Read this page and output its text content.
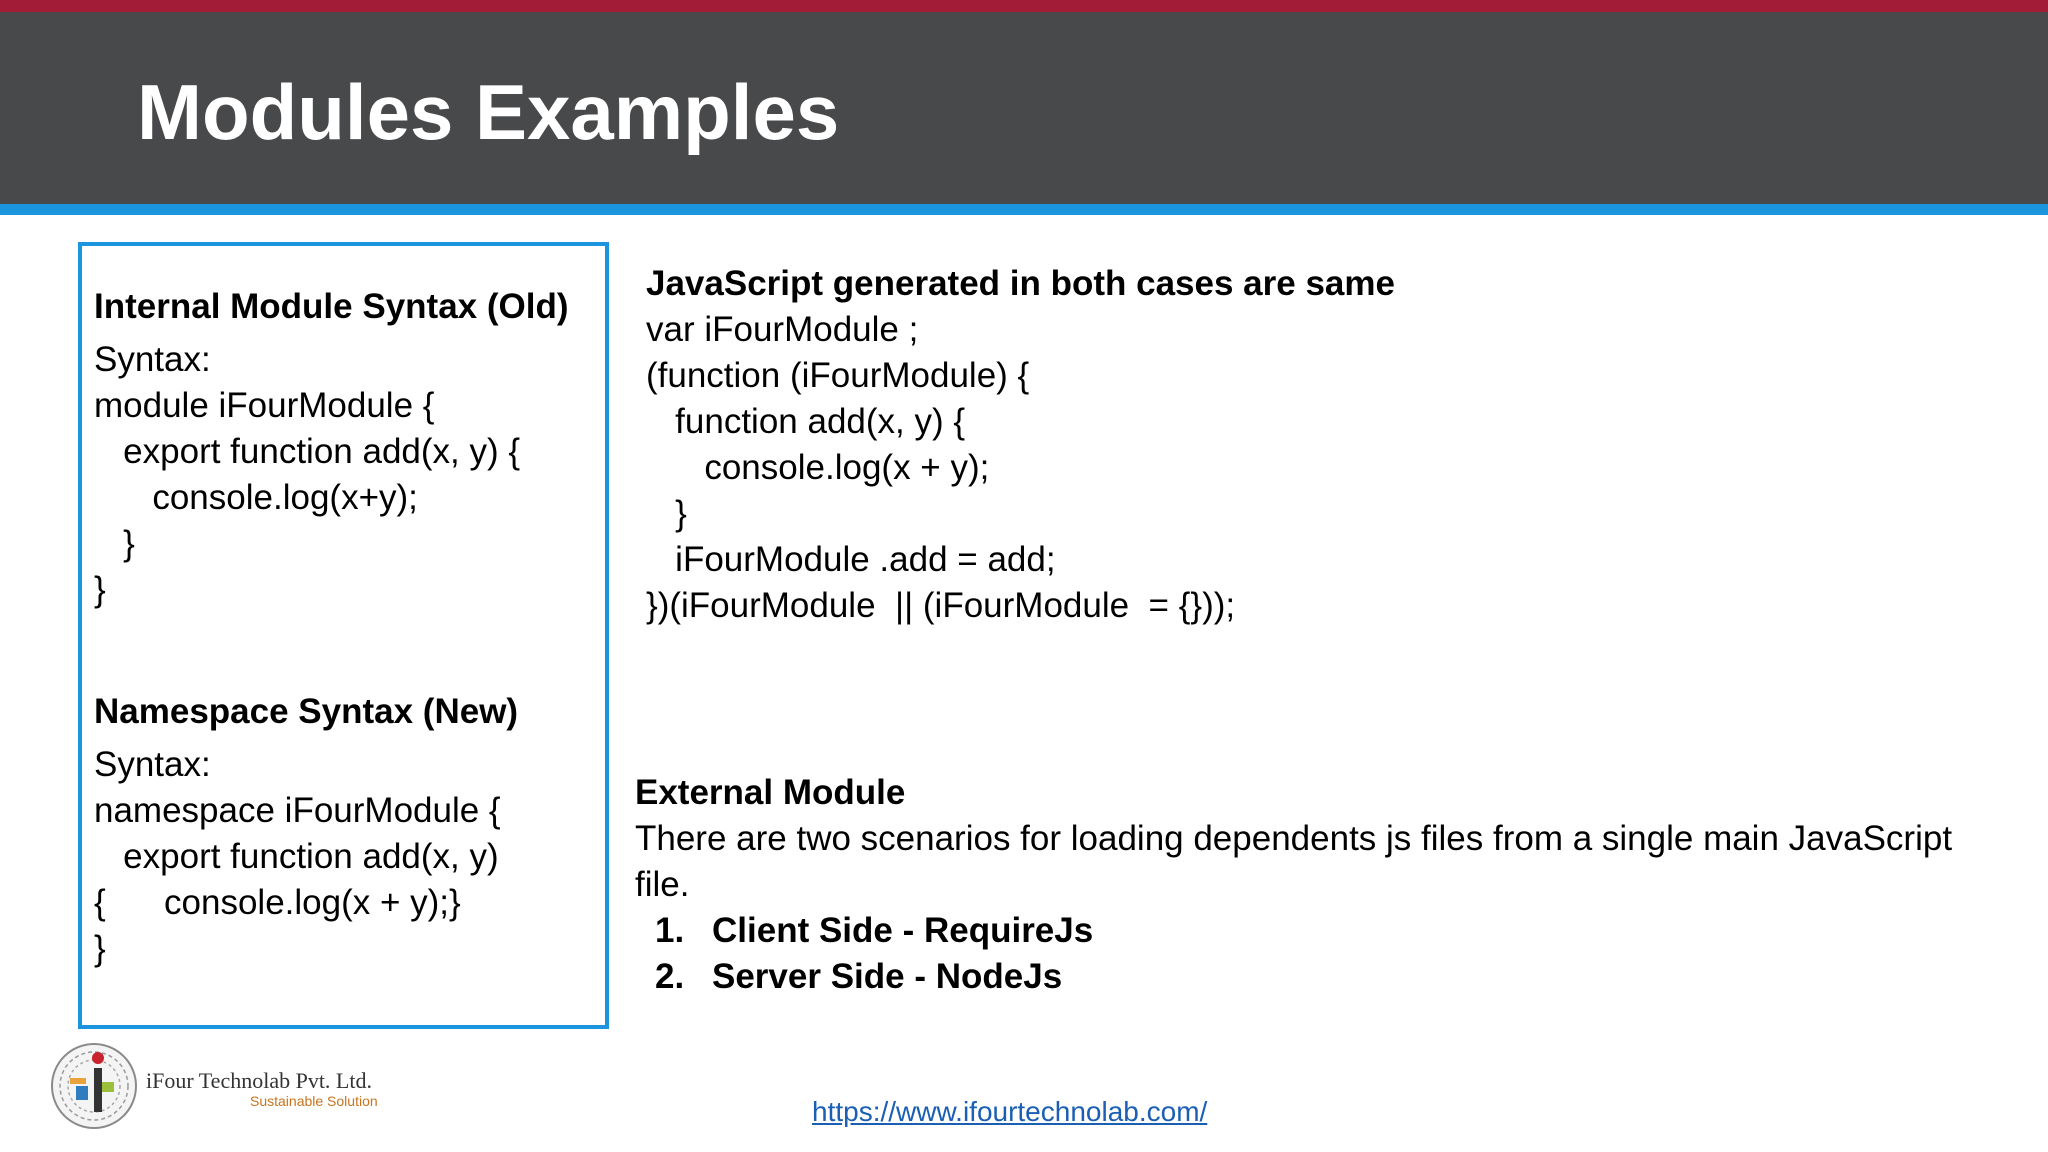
Modules Examples
Internal Module Syntax (Old)
Syntax:
module iFourModule {
export function add(x, y) {
console.log(x+y);
}
}
Namespace Syntax (New)
Syntax:
namespace iFourModule {
export function add(x, y)
{      console.log(x + y);}
}
JavaScript generated in both cases are same
var iFourModule ;
(function (iFourModule) {
function add(x, y) {
console.log(x + y);
}
iFourModule .add = add;
})(iFourModule  || (iFourModule  = {}));
External Module
There are two scenarios for loading dependents js files from a single main JavaScript
file.
1. Client Side - RequireJs
2. Server Side - NodeJs
iFour Technolab Pvt. Ltd.
Sustainable Solution	https://www.ifourtechnolab.com/
